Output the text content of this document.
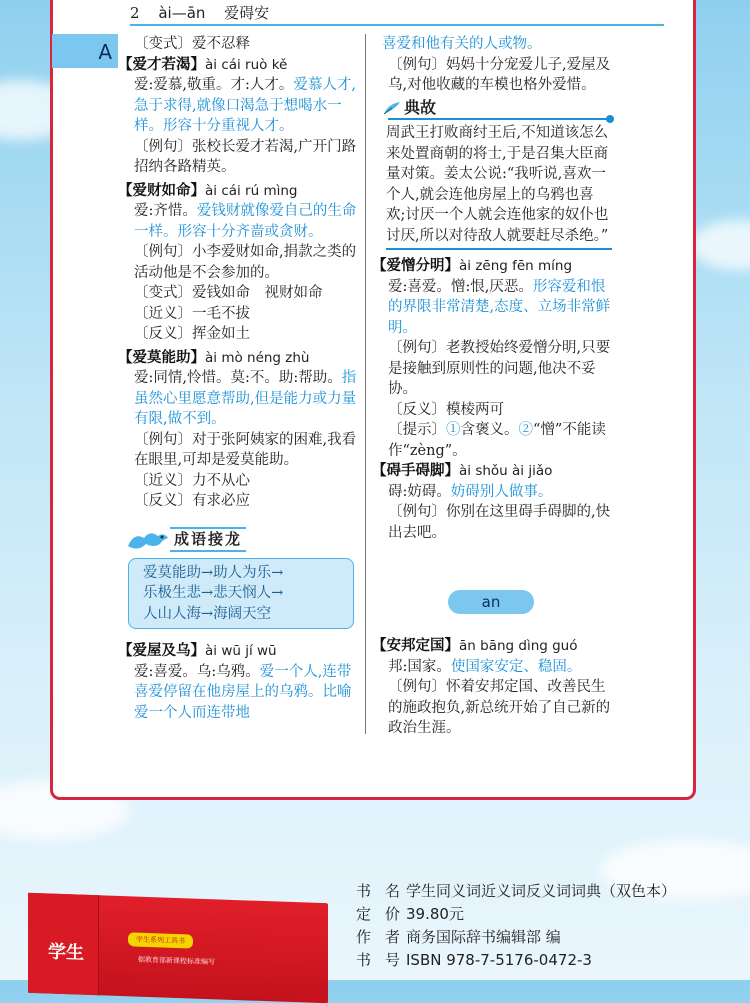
2 ài—ān 爱碍安
A	〔变式〕爱不忍释

【爱才若渴】ài cái ruò kě

爱:爱慕,敬重。才:人才。爱慕人才,急于求得,就像口渴急于想喝水一样。形容十分重视人才。

〔例句〕张校长爱才若渴,广开门路招纳各路精英。

【爱财如命】ài cái rú mìng

爱:齐惜。爱钱财就像爱自己的生命一样。形容十分齐啬或贪财。

〔例句〕小李爱财如命,捐款之类的活动他是不会参加的。

〔变式〕爱钱如命　视财如命

〔近义〕一毛不拔

〔反义〕挥金如土

【爱莫能助】ài mò néng zhù

爱:同情,怜惜。莫:不。助:帮助。指虽然心里愿意帮助,但是能力或力量有限,做不到。

〔例句〕对于张阿姨家的困难,我看在眼里,可却是爱莫能助。

〔近义〕力不从心

〔反义〕有求必应

成语接龙
爱莫能助→助人为乐→
乐极生悲→悲天悯人→
人山人海→海阔天空

【爱屋及乌】ài wū jí wū

爱:喜爱。乌:乌鸦。爱一个人,连带喜爱停留在他房屋上的乌鸦。比喻爱一个人而连带地

喜爱和他有关的人或物。

〔例句〕妈妈十分宠爱儿子,爱屋及乌,对他收藏的车模也格外爱惜。

典故
周武王打败商纣王后,不知道该怎么来处置商朝的将士,于是召集大臣商量对策。姜太公说:“我听说,喜欢一个人,就会连他房屋上的乌鸦也喜欢;讨厌一个人就会连他家的奴仆也讨厌,所以对待敌人就要赶尽杀绝。”

【爱憎分明】ài zēng fēn míng

爱:喜爱。憎:恨,厌恶。形容爱和恨的界限非常清楚,态度、立场非常鲜明。

〔例句〕老教授始终爱憎分明,只要是接触到原则性的问题,他决不妥协。

〔反义〕模棱两可

〔提示〕①含褒义。②“憎”不能读作“zèng”。

【碍手碍脚】ài shǒu ài jiǎo

碍:妨碍。妨碍别人做事。

〔例句〕你别在这里碍手碍脚的,快出去吧。

an

【安邦定国】ān bāng dìng guó

邦:国家。使国家安定、稳固。

〔例句〕怀着安邦定国、改善民生的施政抱负,新总统开始了自己新的政治生涯。

学生
学生系列工具书
据教育部新课程标准编写
书名学生同义词近义词反义词词典（双色本）
定价39.80元
作者商务国际辞书编辑部 编
书号ISBN 978-7-5176-0472-3
